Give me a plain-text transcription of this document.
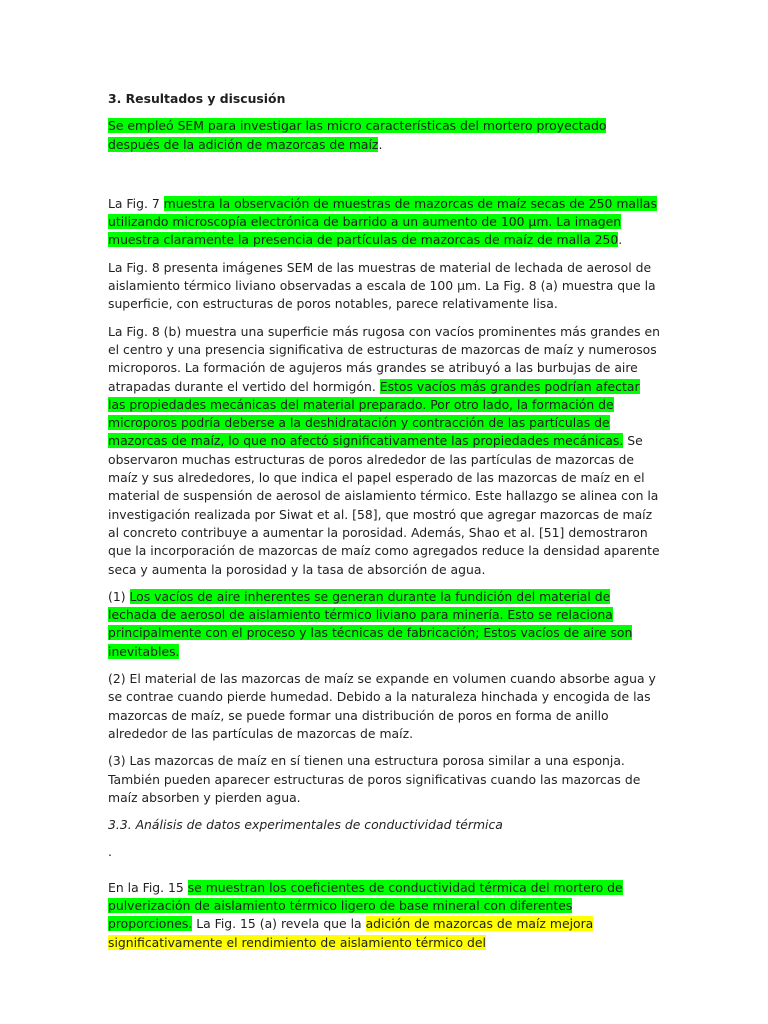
3. Resultados y discusión

Se empleó SEM para investigar las micro características del mortero proyectado después de la adición de mazorcas de maíz.

La Fig. 7 muestra la observación de muestras de mazorcas de maíz secas de 250 mallas utilizando microscopía electrónica de barrido a un aumento de 100 µm. La imagen muestra claramente la presencia de partículas de mazorcas de maíz de malla 250.

La Fig. 8 presenta imágenes SEM de las muestras de material de lechada de aerosol de aislamiento térmico liviano observadas a escala de 100 µm. La Fig. 8 (a) muestra que la superficie, con estructuras de poros notables, parece relativamente lisa.

La Fig. 8 (b) muestra una superficie más rugosa con vacíos prominentes más grandes en el centro y una presencia significativa de estructuras de mazorcas de maíz y numerosos microporos. La formación de agujeros más grandes se atribuyó a las burbujas de aire atrapadas durante el vertido del hormigón. Estos vacíos más grandes podrían afectar las propiedades mecánicas del material preparado. Por otro lado, la formación de microporos podría deberse a la deshidratación y contracción de las partículas de mazorcas de maíz, lo que no afectó significativamente las propiedades mecánicas. Se observaron muchas estructuras de poros alrededor de las partículas de mazorcas de maíz y sus alrededores, lo que indica el papel esperado de las mazorcas de maíz en el material de suspensión de aerosol de aislamiento térmico. Este hallazgo se alinea con la investigación realizada por Siwat et al. [58], que mostró que agregar mazorcas de maíz al concreto contribuye a aumentar la porosidad. Además, Shao et al. [51] demostraron que la incorporación de mazorcas de maíz como agregados reduce la densidad aparente seca y aumenta la porosidad y la tasa de absorción de agua.

(1) Los vacíos de aire inherentes se generan durante la fundición del material de lechada de aerosol de aislamiento térmico liviano para minería. Esto se relaciona principalmente con el proceso y las técnicas de fabricación; Estos vacíos de aire son inevitables.

(2) El material de las mazorcas de maíz se expande en volumen cuando absorbe agua y se contrae cuando pierde humedad. Debido a la naturaleza hinchada y encogida de las mazorcas de maíz, se puede formar una distribución de poros en forma de anillo alrededor de las partículas de mazorcas de maíz.

(3) Las mazorcas de maíz en sí tienen una estructura porosa similar a una esponja. También pueden aparecer estructuras de poros significativas cuando las mazorcas de maíz absorben y pierden agua.

3.3. Análisis de datos experimentales de conductividad térmica

.

En la Fig. 15 se muestran los coeficientes de conductividad térmica del mortero de pulverización de aislamiento térmico ligero de base mineral con diferentes proporciones. La Fig. 15 (a) revela que la adición de mazorcas de maíz mejora significativamente el rendimiento de aislamiento térmico del
